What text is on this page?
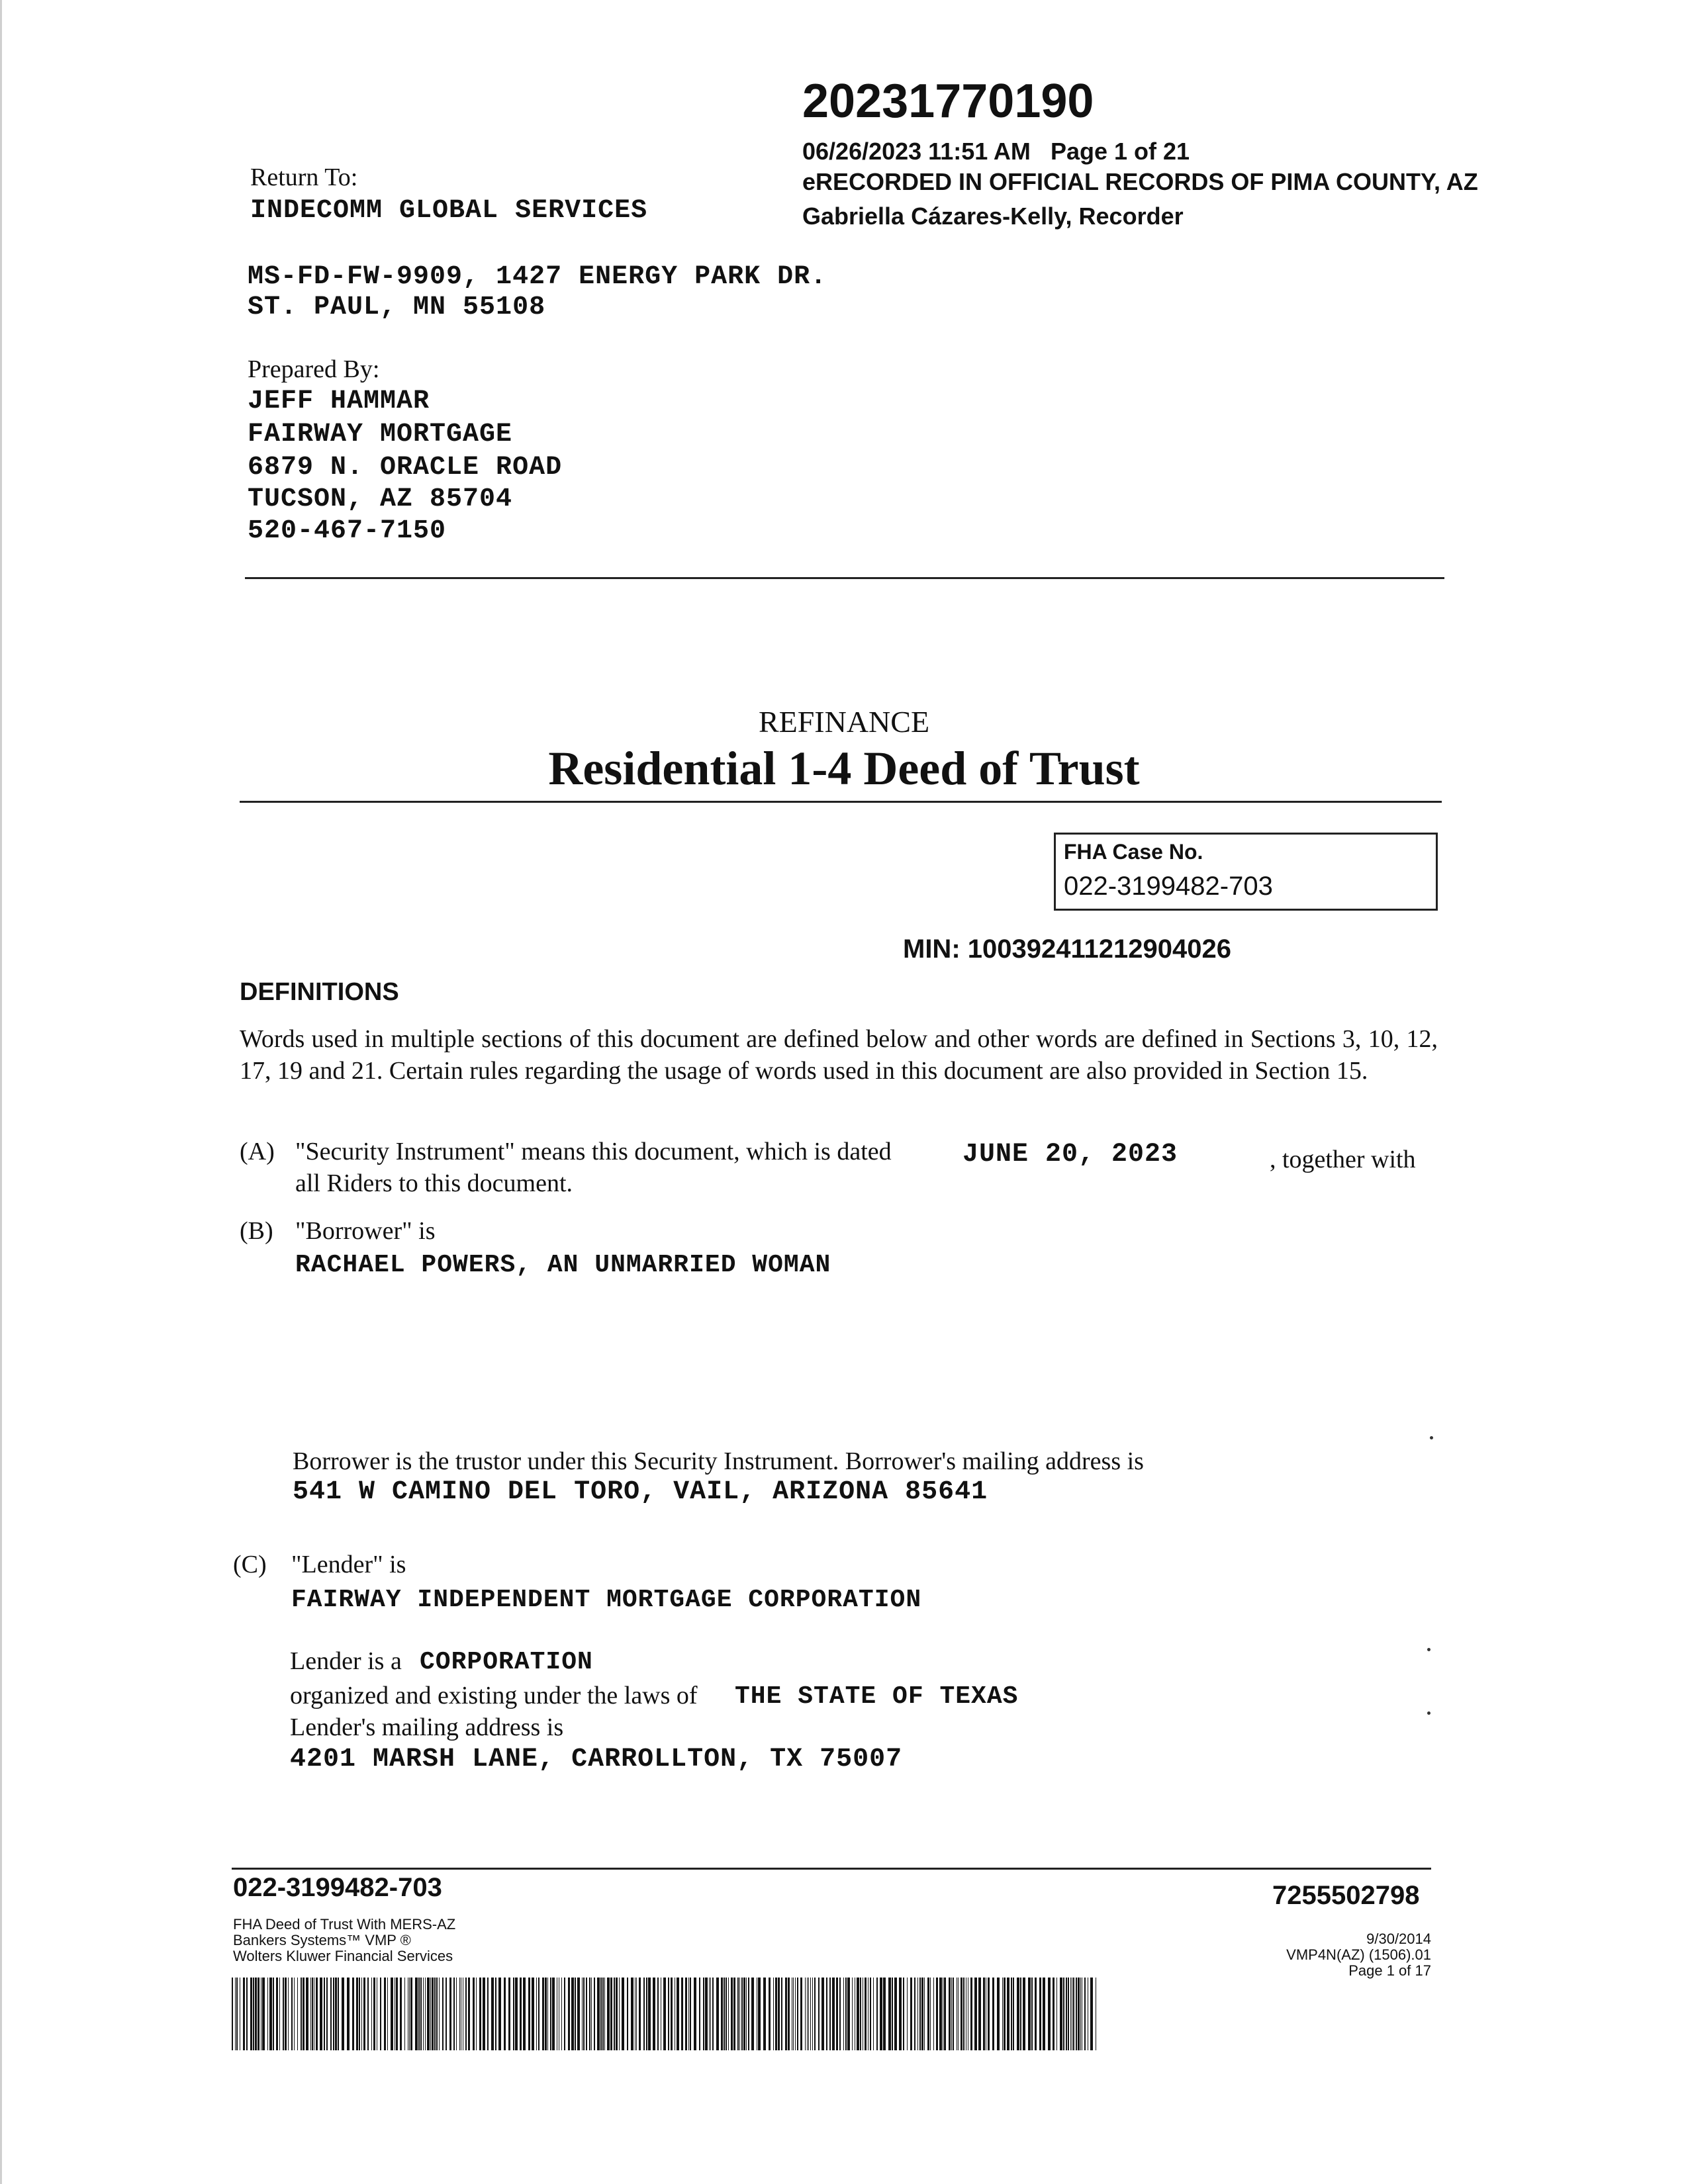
20231770190
06/26/2023 11:51 AM Page 1 of 21
eRECORDED IN OFFICIAL RECORDS OF PIMA COUNTY, AZ
Gabriella Cázares-Kelly, Recorder
Return To:
INDECOMM GLOBAL SERVICES
MS-FD-FW-9909, 1427 ENERGY PARK DR.
ST. PAUL, MN 55108
Prepared By:
JEFF HAMMAR
FAIRWAY MORTGAGE
6879 N. ORACLE ROAD
TUCSON, AZ 85704
520-467-7150
REFINANCE
Residential 1-4 Deed of Trust
FHA Case No.
022-3199482-703
MIN: 100392411212904026
DEFINITIONS
Words used in multiple sections of this document are defined below and other words are defined in Sections 3, 10, 12, 17, 19 and 21. Certain rules regarding the usage of words used in this document are also provided in Section 15.
(A) "Security Instrument" means this document, which is dated	JUNE 20, 2023	, together with
all Riders to this document.
(B) "Borrower" is
RACHAEL POWERS, AN UNMARRIED WOMAN
Borrower is the trustor under this Security Instrument. Borrower's mailing address is
541 W CAMINO DEL TORO, VAIL, ARIZONA 85641
(C) "Lender" is
FAIRWAY INDEPENDENT MORTGAGE CORPORATION
Lender is a CORPORATION
organized and existing under the laws of THE STATE OF TEXAS
Lender's mailing address is
4201 MARSH LANE, CARROLLTON, TX 75007
022-3199482-703	7255502798
FHA Deed of Trust With MERS-AZ
Bankers Systems™ VMP ®
Wolters Kluwer Financial Services
9/30/2014
VMP4N(AZ) (1506).01
Page 1 of 17
